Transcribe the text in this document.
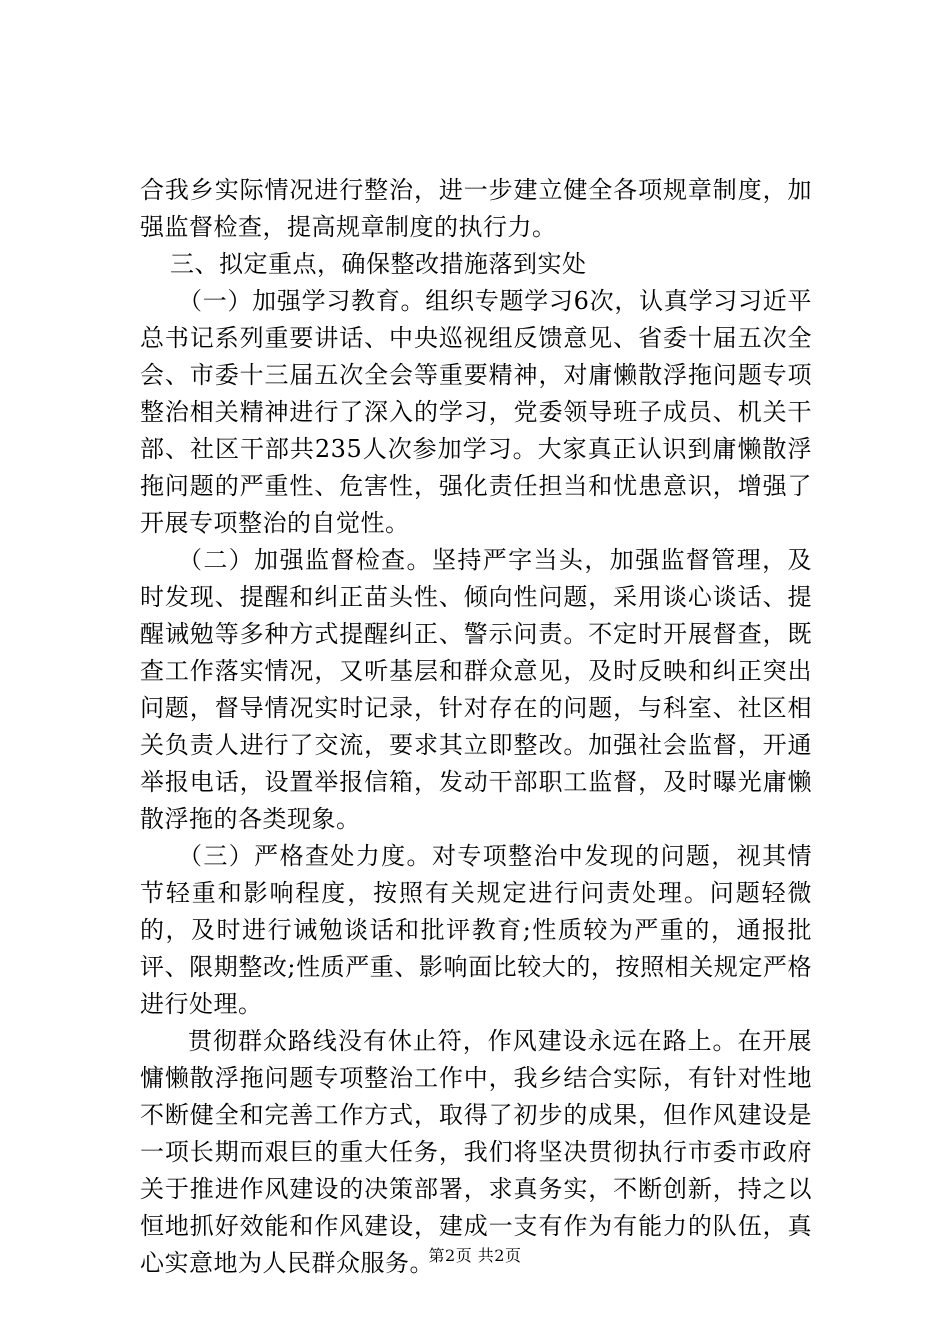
合我乡实际情况进行整治，进一步建立健全各项规章制度，加强监督检查，提高规章制度的执行力。

三、拟定重点，确保整改措施落到实处

（一）加强学习教育。组织专题学习6次，认真学习习近平总书记系列重要讲话、中央巡视组反馈意见、省委十届五次全会、市委十三届五次全会等重要精神，对庸懒散浮拖问题专项整治相关精神进行了深入的学习，党委领导班子成员、机关干部、社区干部共235人次参加学习。大家真正认识到庸懒散浮拖问题的严重性、危害性，强化责任担当和忧患意识，增强了开展专项整治的自觉性。

（二）加强监督检查。坚持严字当头，加强监督管理，及时发现、提醒和纠正苗头性、倾向性问题，采用谈心谈话、提醒诫勉等多种方式提醒纠正、警示问责。不定时开展督查，既查工作落实情况，又听基层和群众意见，及时反映和纠正突出问题，督导情况实时记录，针对存在的问题，与科室、社区相关负责人进行了交流，要求其立即整改。加强社会监督，开通举报电话，设置举报信箱，发动干部职工监督，及时曝光庸懒散浮拖的各类现象。

（三）严格查处力度。对专项整治中发现的问题，视其情节轻重和影响程度，按照有关规定进行问责处理。问题轻微的，及时进行诫勉谈话和批评教育;性质较为严重的，通报批评、限期整改;性质严重、影响面比较大的，按照相关规定严格进行处理。

贯彻群众路线没有休止符，作风建设永远在路上。在开展慵懒散浮拖问题专项整治工作中，我乡结合实际，有针对性地不断健全和完善工作方式，取得了初步的成果，但作风建设是一项长期而艰巨的重大任务，我们将坚决贯彻执行市委市政府关于推进作风建设的决策部署，求真务实，不断创新，持之以恒地抓好效能和作风建设，建成一支有作为有能力的队伍，真心实意地为人民群众服务。

第2页 共2页
